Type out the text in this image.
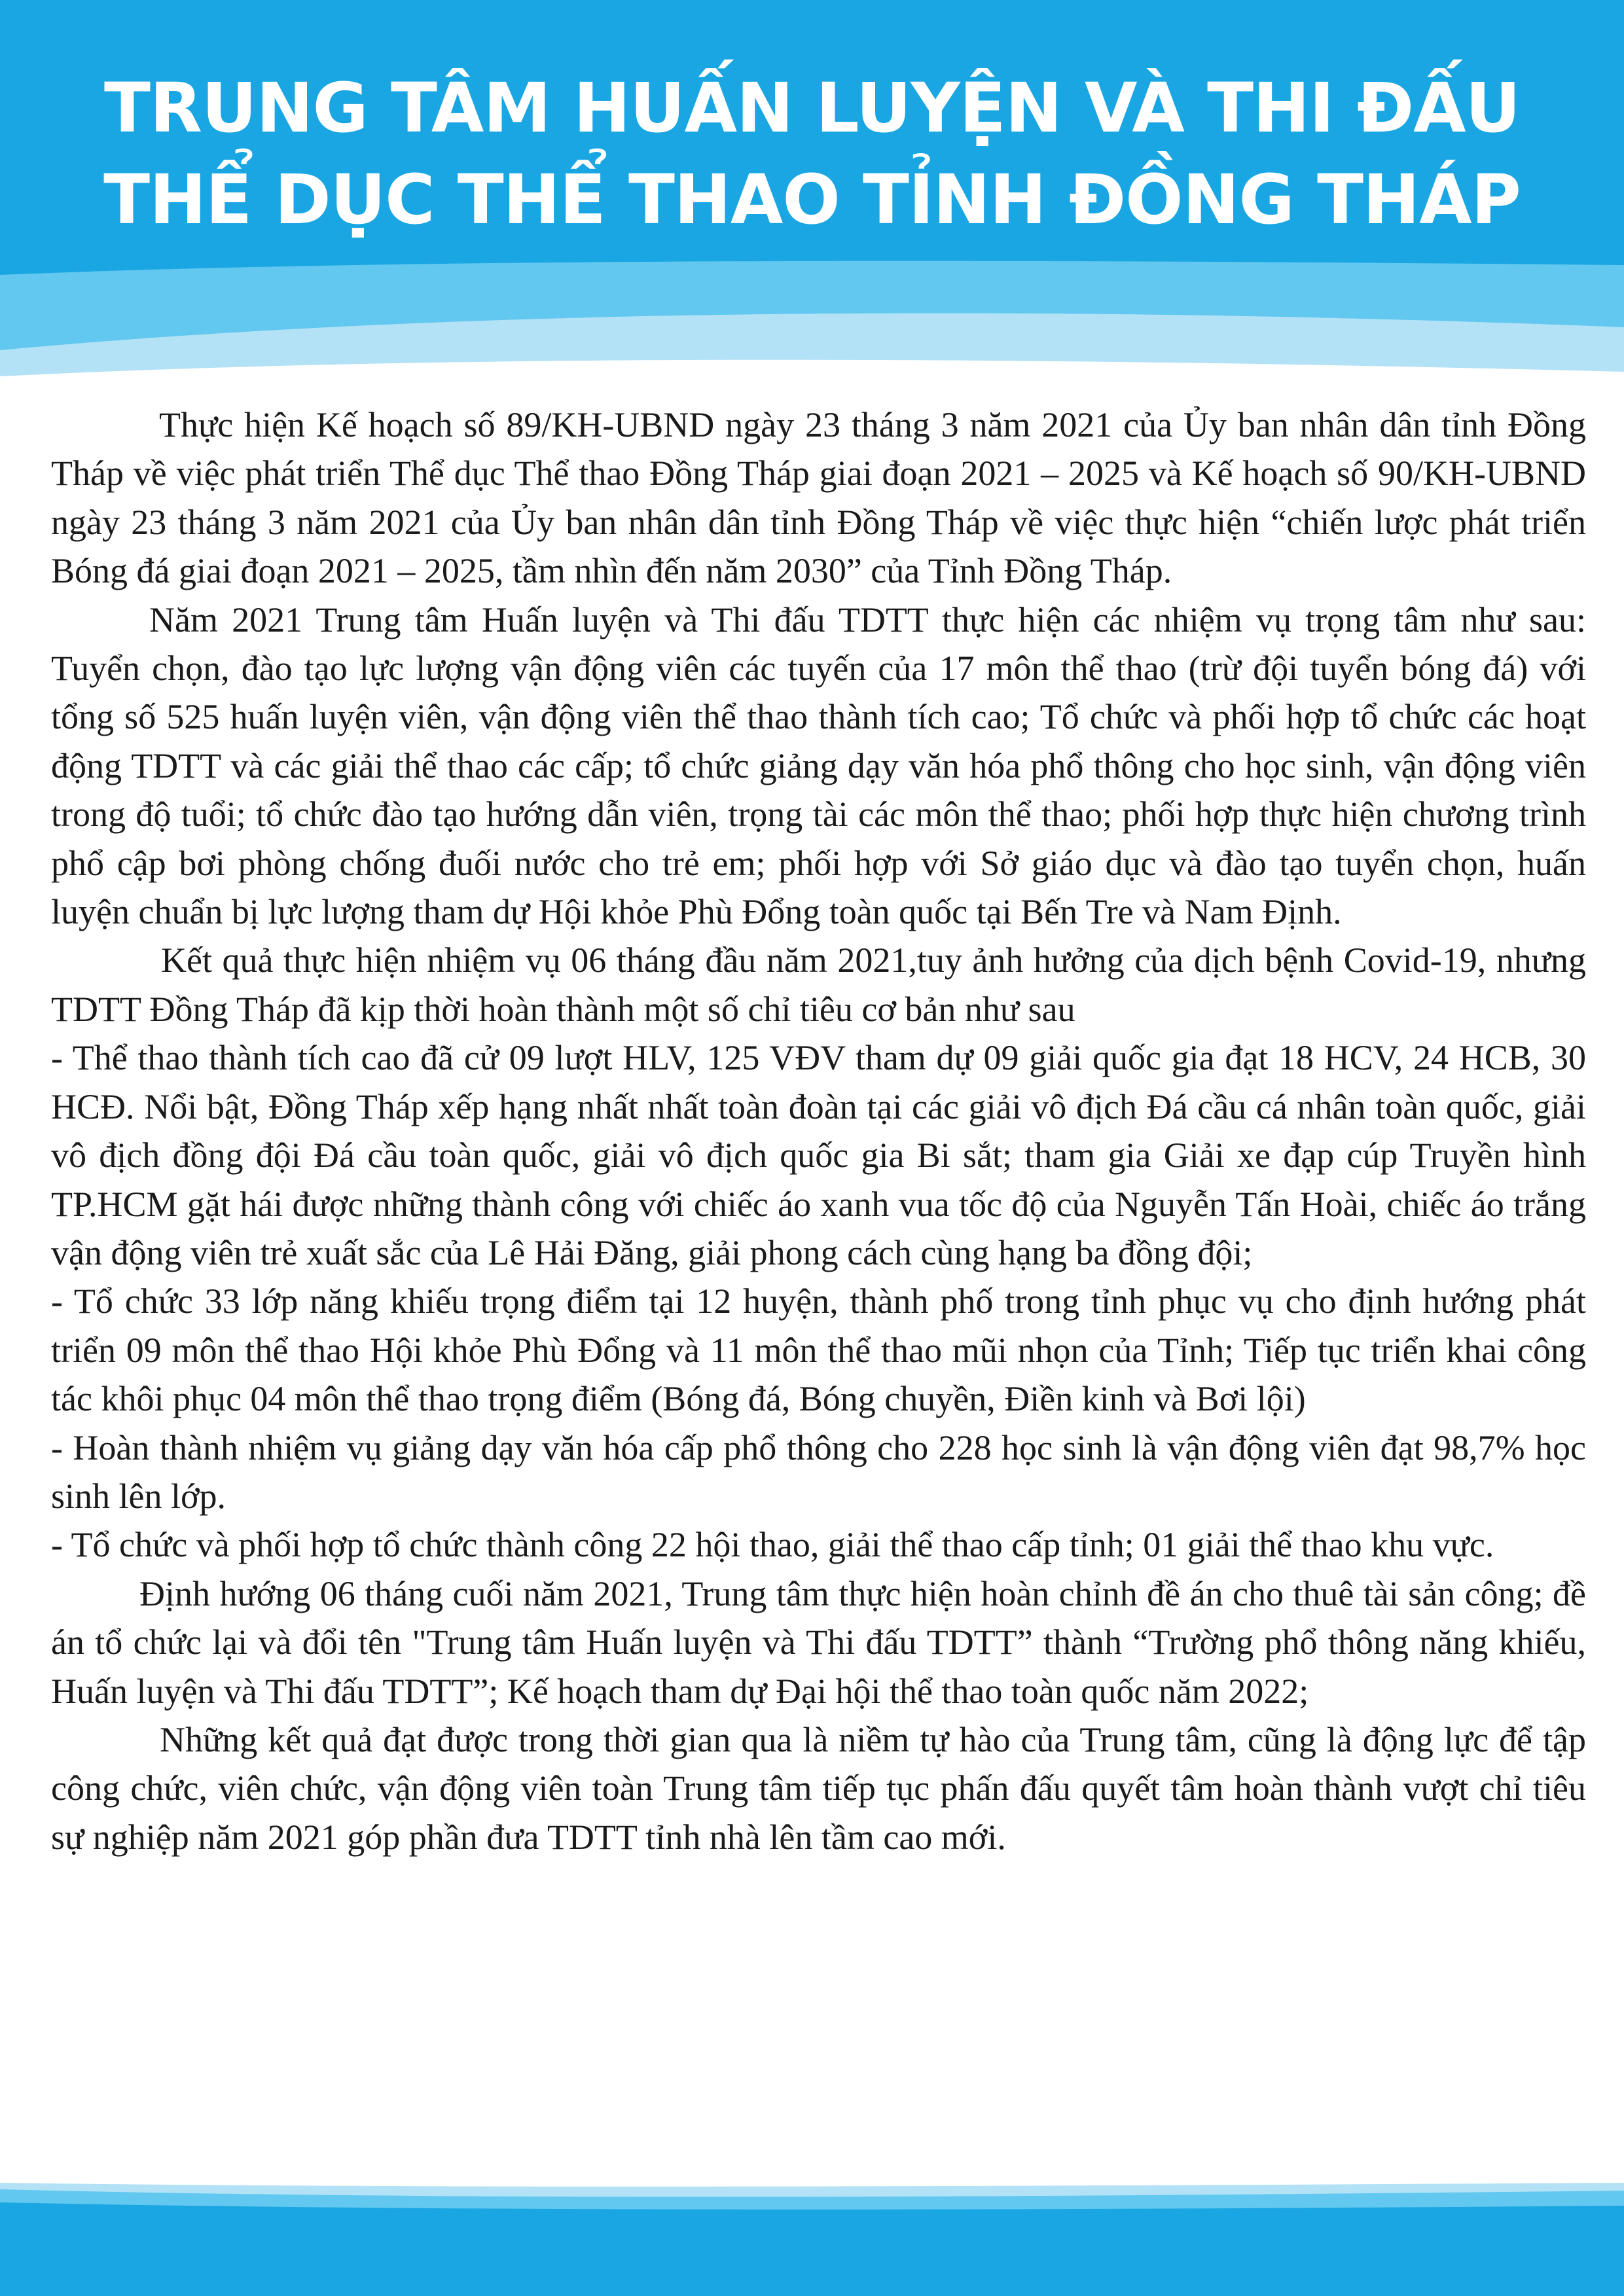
TRUNG TÂM HUẤN LUYỆN VÀ THI ĐẤU
THỂ DỤC THỂ THAO TỈNH ĐỒNG THÁP

Thực hiện Kế hoạch số 89/KH-UBND ngày 23 tháng 3 năm 2021 của Ủy ban nhân dân tỉnh Đồng Tháp về việc phát triển Thể dục Thể thao Đồng Tháp giai đoạn 2021 – 2025 và Kế hoạch số 90/KH-UBND ngày 23 tháng 3 năm 2021 của Ủy ban nhân dân tỉnh Đồng Tháp về việc thực hiện “chiến lược phát triển Bóng đá giai đoạn 2021 – 2025, tầm nhìn đến năm 2030” của Tỉnh Đồng Tháp.

Năm 2021 Trung tâm Huấn luyện và Thi đấu TDTT thực hiện các nhiệm vụ trọng tâm như sau: Tuyển chọn, đào tạo lực lượng vận động viên các tuyến của 17 môn thể thao (trừ đội tuyển bóng đá) với tổng số 525 huấn luyện viên, vận động viên thể thao thành tích cao; Tổ chức và phối hợp tổ chức các hoạt động TDTT và các giải thể thao các cấp; tổ chức giảng dạy văn hóa phổ thông cho học sinh, vận động viên trong độ tuổi; tổ chức đào tạo hướng dẫn viên, trọng tài các môn thể thao; phối hợp thực hiện chương trình phổ cập bơi phòng chống đuối nước cho trẻ em; phối hợp với Sở giáo dục và đào tạo tuyển chọn, huấn luyện chuẩn bị lực lượng tham dự Hội khỏe Phù Đổng toàn quốc tại Bến Tre và Nam Định.

Kết quả thực hiện nhiệm vụ 06 tháng đầu năm 2021,tuy ảnh hưởng của dịch bệnh Covid-19, nhưng TDTT Đồng Tháp đã kịp thời hoàn thành một số chỉ tiêu cơ bản như sau

- Thể thao thành tích cao đã cử 09 lượt HLV, 125 VĐV tham dự 09 giải quốc gia đạt 18 HCV, 24 HCB, 30 HCĐ. Nổi bật, Đồng Tháp xếp hạng nhất nhất toàn đoàn tại các giải vô địch Đá cầu cá nhân toàn quốc, giải vô địch đồng đội Đá cầu toàn quốc, giải vô địch quốc gia Bi sắt; tham gia Giải xe đạp cúp Truyền hình TP.HCM gặt hái được những thành công với chiếc áo xanh vua tốc độ của Nguyễn Tấn Hoài, chiếc áo trắng vận động viên trẻ xuất sắc của Lê Hải Đăng, giải phong cách cùng hạng ba đồng đội;

- Tổ chức 33 lớp năng khiếu trọng điểm tại 12 huyện, thành phố trong tỉnh phục vụ cho định hướng phát triển 09 môn thể thao Hội khỏe Phù Đổng và 11 môn thể thao mũi nhọn của Tỉnh; Tiếp tục triển khai công tác khôi phục 04 môn thể thao trọng điểm (Bóng đá, Bóng chuyền, Điền kinh và Bơi lội)

- Hoàn thành nhiệm vụ giảng dạy văn hóa cấp phổ thông cho 228 học sinh là vận động viên đạt 98,7% học sinh lên lớp.

- Tổ chức và phối hợp tổ chức thành công 22 hội thao, giải thể thao cấp tỉnh; 01 giải thể thao khu vực.

Định hướng 06 tháng cuối năm 2021, Trung tâm thực hiện hoàn chỉnh đề án cho thuê tài sản công; đề án tổ chức lại và đổi tên "Trung tâm Huấn luyện và Thi đấu TDTT” thành “Trường phổ thông năng khiếu, Huấn luyện và Thi đấu TDTT”; Kế hoạch tham dự Đại hội thể thao toàn quốc năm 2022;

Những kết quả đạt được trong thời gian qua là niềm tự hào của Trung tâm, cũng là động lực để tập công chức, viên chức, vận động viên toàn Trung tâm tiếp tục phấn đấu quyết tâm hoàn thành vượt chỉ tiêu sự nghiệp năm 2021 góp phần đưa TDTT tỉnh nhà lên tầm cao mới.
